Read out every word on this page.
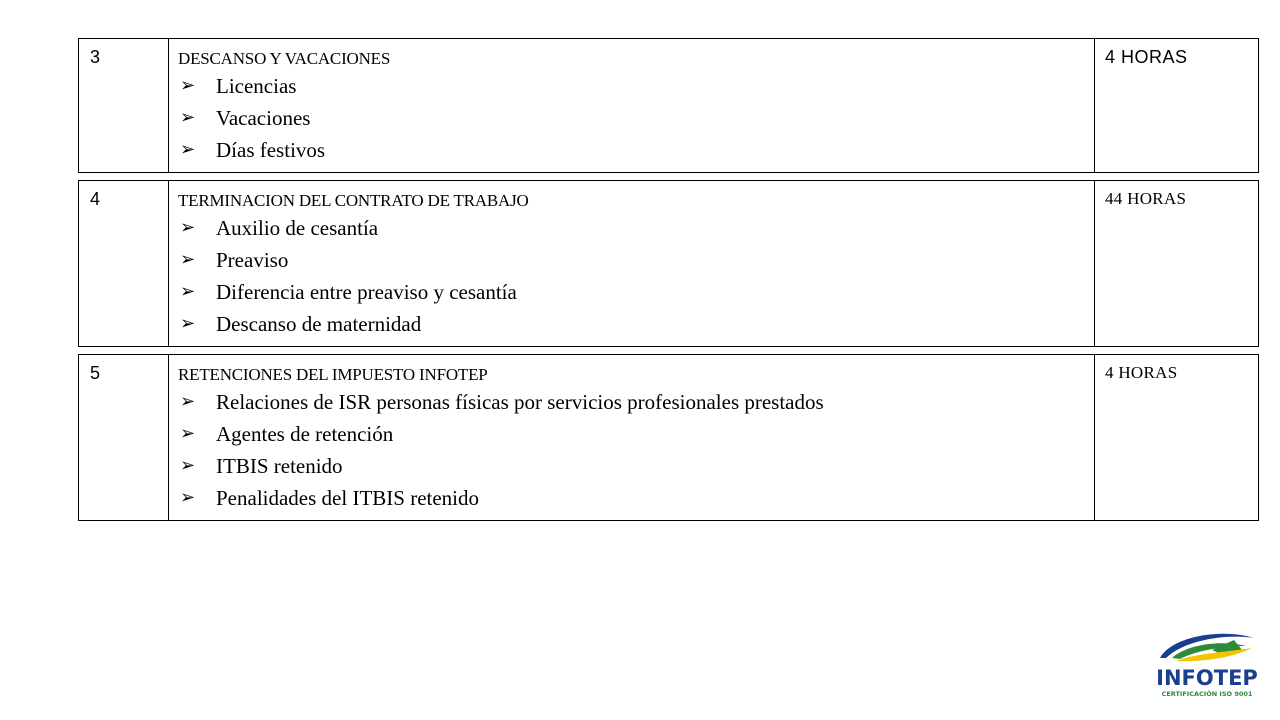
3	DESCANSO Y VACACIONES
➢ Licencias
➢ Vacaciones
➢ Días festivos
4 HORAS
4	TERMINACION DEL CONTRATO DE TRABAJO
➢ Auxilio de cesantía
➢ Preaviso
➢ Diferencia entre preaviso y cesantía
➢ Descanso de maternidad
44 HORAS
5	RETENCIONES DEL IMPUESTO INFOTEP
➢ Relaciones de ISR personas físicas por servicios profesionales prestados
➢ Agentes de retención
➢ ITBIS retenido
➢ Penalidades del ITBIS retenido
4 HORAS
INFOTEP
CERTIFICACIÓN ISO 9001
